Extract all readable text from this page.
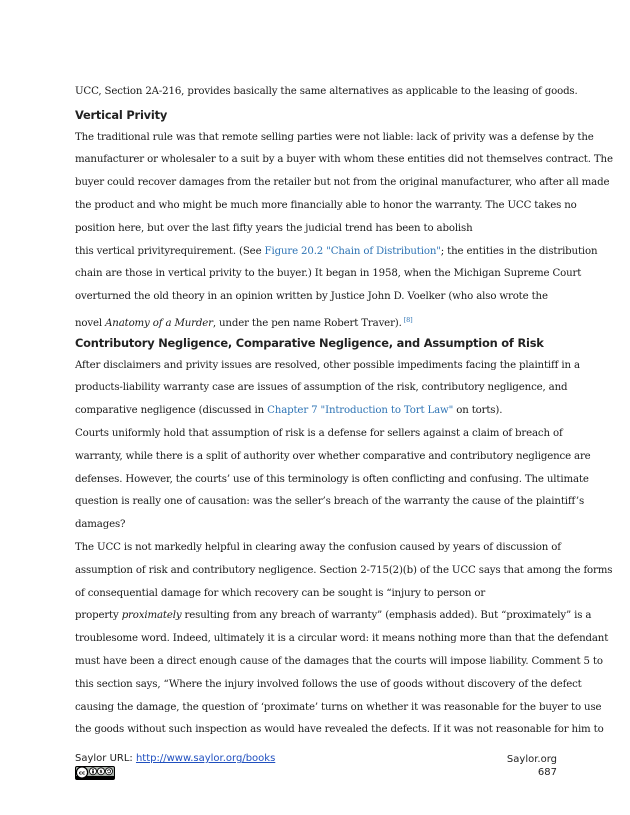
UCC, Section 2A-216, provides basically the same alternatives as applicable to the leasing of goods.
Vertical Privity
The traditional rule was that remote selling parties were not liable: lack of privity was a defense by the
manufacturer or wholesaler to a suit by a buyer with whom these entities did not themselves contract. The
buyer could recover damages from the retailer but not from the original manufacturer, who after all made
the product and who might be much more financially able to honor the warranty. The UCC takes no
position here, but over the last fifty years the judicial trend has been to abolish
this vertical privityrequirement. (See Figure 20.2 "Chain of Distribution"; the entities in the distribution
chain are those in vertical privity to the buyer.) It began in 1958, when the Michigan Supreme Court
overturned the old theory in an opinion written by Justice John D. Voelker (who also wrote the
novel Anatomy of a Murder, under the pen name Robert Traver). [8]
Contributory Negligence, Comparative Negligence, and Assumption of Risk
After disclaimers and privity issues are resolved, other possible impediments facing the plaintiff in a
products-liability warranty case are issues of assumption of the risk, contributory negligence, and
comparative negligence (discussed in Chapter 7 "Introduction to Tort Law" on torts).
Courts uniformly hold that assumption of risk is a defense for sellers against a claim of breach of
warranty, while there is a split of authority over whether comparative and contributory negligence are
defenses. However, the courts’ use of this terminology is often conflicting and confusing. The ultimate
question is really one of causation: was the seller’s breach of the warranty the cause of the plaintiff’s
damages?
The UCC is not markedly helpful in clearing away the confusion caused by years of discussion of
assumption of risk and contributory negligence. Section 2-715(2)(b) of the UCC says that among the forms
of consequential damage for which recovery can be sought is “injury to person or
property proximately resulting from any breach of warranty” (emphasis added). But “proximately” is a
troublesome word. Indeed, ultimately it is a circular word: it means nothing more than that the defendant
must have been a direct enough cause of the damages that the courts will impose liability. Comment 5 to
this section says, “Where the injury involved follows the use of goods without discovery of the defect
causing the damage, the question of ‘proximate’ turns on whether it was reasonable for the buyer to use
the goods without such inspection as would have revealed the defects. If it was not reasonable for him to
Saylor URL: http://www.saylor.org/books
cc	$
Saylor.org
687
